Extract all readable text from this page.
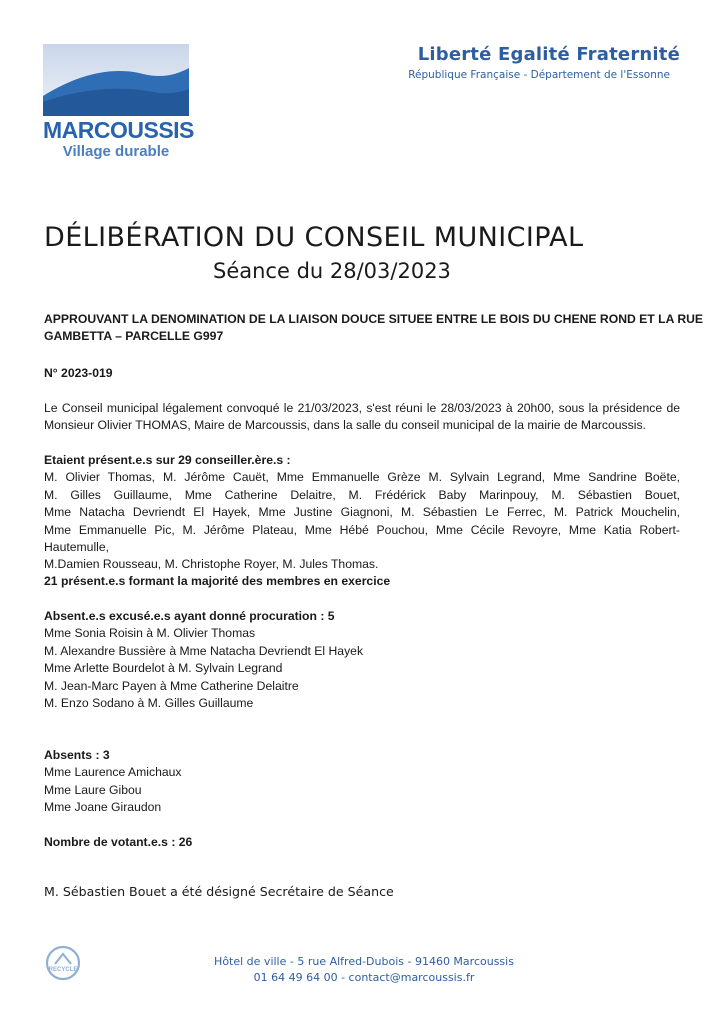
MARCOUSSIS
Village durable
Liberté Egalité Fraternité
République Française - Département de l'Essonne
DÉLIBÉRATION DU CONSEIL MUNICIPAL
Séance du 28/03/2023
APPROUVANT LA DENOMINATION DE LA LIAISON DOUCE SITUEE ENTRE LE BOIS DU CHENE ROND ET LA RUE
GAMBETTA – PARCELLE G997
N° 2023-019
Le Conseil municipal légalement convoqué le 21/03/2023, s'est réuni le 28/03/2023 à 20h00, sous la présidence de
Monsieur Olivier THOMAS, Maire de Marcoussis, dans la salle du conseil municipal de la mairie de Marcoussis.
Etaient présent.e.s sur 29 conseiller.ère.s :
M. Olivier Thomas, M. Jérôme Cauët, Mme Emmanuelle Grèze M. Sylvain Legrand, Mme Sandrine Boëte,
M. Gilles Guillaume, Mme Catherine Delaitre, M. Frédérick Baby Marinpouy, M. Sébastien Bouet,
Mme Natacha Devriendt El Hayek, Mme Justine Giagnoni, M. Sébastien Le Ferrec, M. Patrick Mouchelin,
Mme Emmanuelle Pic, M. Jérôme Plateau, Mme Hébé Pouchou, Mme Cécile Revoyre, Mme Katia Robert-Hautemulle,
M.Damien Rousseau, M. Christophe Royer, M. Jules Thomas.
21 présent.e.s formant la majorité des membres en exercice
Absent.e.s excusé.e.s ayant donné procuration : 5
Mme Sonia Roisin à M. Olivier Thomas
M. Alexandre Bussière à Mme Natacha Devriendt El Hayek
Mme Arlette Bourdelot à M. Sylvain Legrand
M. Jean-Marc Payen à Mme Catherine Delaitre
M. Enzo Sodano à M. Gilles Guillaume
Absents : 3
Mme Laurence Amichaux
Mme Laure Gibou
Mme Joane Giraudon
Nombre de votant.e.s : 26
M. Sébastien Bouet a été désigné Secrétaire de Séance
RECYCLE
Hôtel de ville - 5 rue Alfred-Dubois - 91460 Marcoussis
01 64 49 64 00 - contact@marcoussis.fr
